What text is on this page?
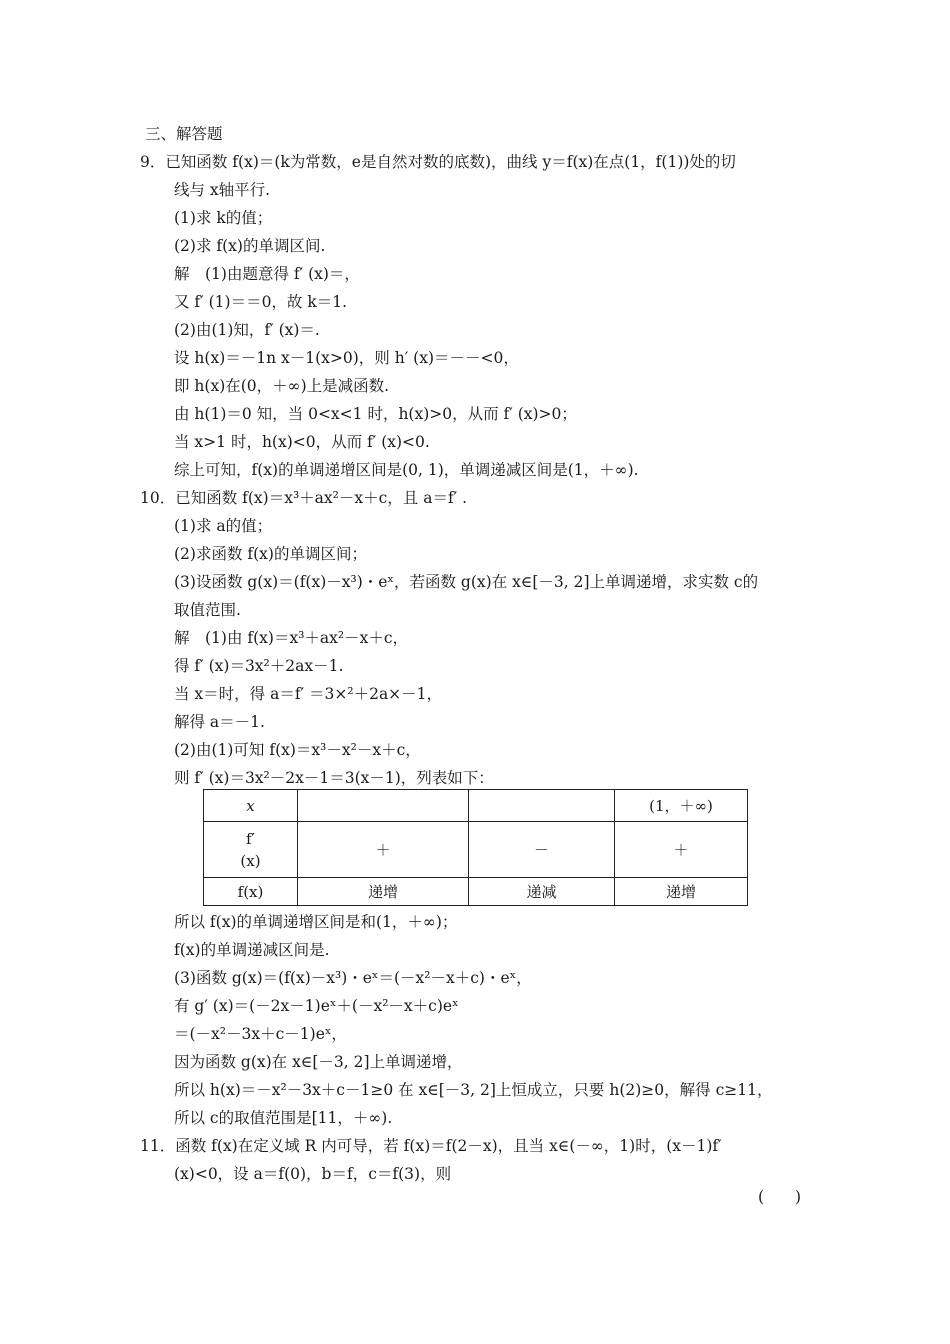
三、解答题
9．已知函数 f(x)＝(k为常数，e是自然对数的底数)，曲线 y＝f(x)在点(1，f(1))处的切
线与 x轴平行.
(1)求 k的值；
(2)求 f(x)的单调区间.
解　(1)由题意得 f′ (x)＝，
又 f′ (1)＝＝0，故 k＝1.
(2)由(1)知，f′ (x)＝.
设 h(x)＝－1n x－1(x>0)，则 h′ (x)＝－－<0，
即 h(x)在(0，＋∞)上是减函数.
由 h(1)＝0 知，当 0<x<1 时，h(x)>0，从而 f′ (x)>0；
当 x>1 时，h(x)<0，从而 f′ (x)<0.
综上可知，f(x)的单调递增区间是(0, 1)，单调递减区间是(1，＋∞).
10．已知函数 f(x)＝x³＋ax²－x＋c，且 a＝f′ .
(1)求 a的值；
(2)求函数 f(x)的单调区间；
(3)设函数 g(x)＝(f(x)－x³)・eˣ，若函数 g(x)在 x∈[－3, 2]上单调递增，求实数 c的
取值范围.
解　(1)由 f(x)＝x³＋ax²－x＋c，
得 f′ (x)＝3x²＋2ax－1.
当 x＝时，得 a＝f′ ＝3×²＋2a×－1，
解得 a＝－1.
(2)由(1)可知 f(x)＝x³－x²－x＋c，
则 f′ (x)＝3x²－2x－1＝3(x－1)，列表如下：
x			(1，＋∞)
f′
(x)	＋	－	＋
f(x)	递增	递减	递增
所以 f(x)的单调递增区间是和(1，＋∞)；
f(x)的单调递减区间是.
(3)函数 g(x)＝(f(x)－x³)・eˣ＝(－x²－x＋c)・eˣ，
有 g′ (x)＝(－2x－1)eˣ＋(－x²－x＋c)eˣ
＝(－x²－3x＋c－1)eˣ，
因为函数 g(x)在 x∈[－3, 2]上单调递增，
所以 h(x)＝－x²－3x＋c－1≥0 在 x∈[－3, 2]上恒成立，只要 h(2)≥0，解得 c≥11，
所以 c的取值范围是[11，＋∞).
11．函数 f(x)在定义域 R 内可导，若 f(x)＝f(2－x)，且当 x∈(－∞，1)时，(x－1)f′
(x)<0，设 a＝f(0)，b＝f，c＝f(3)，则
(　　)
